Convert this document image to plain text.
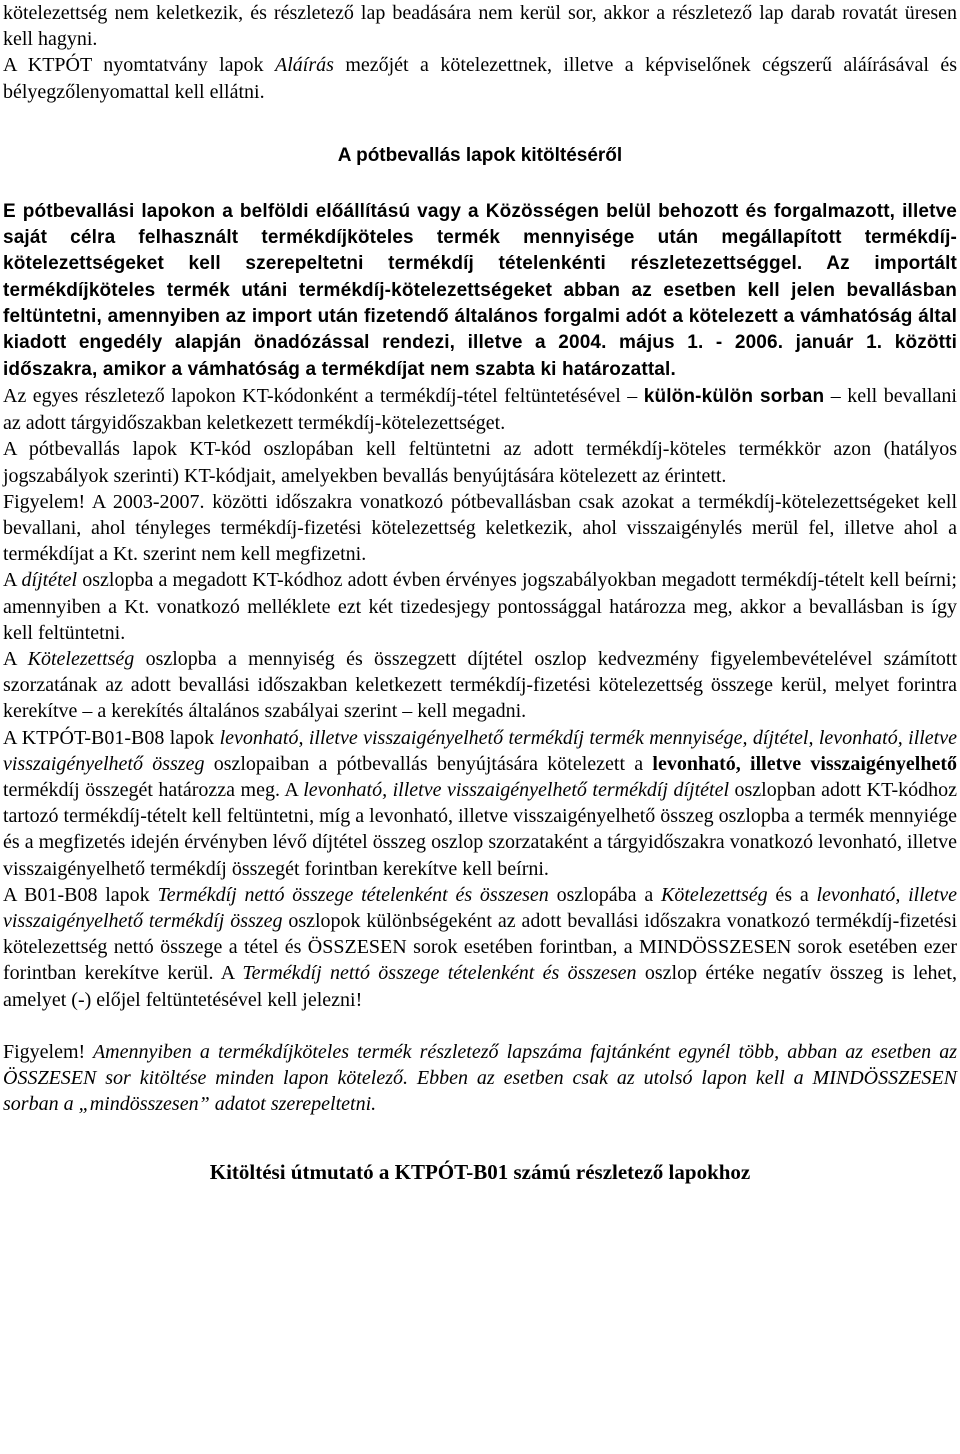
kötelezettség nem keletkezik, és részletező lap beadására nem kerül sor, akkor a részletező lap darab rovatát üresen kell hagyni.

A KTPÓT nyomtatvány lapok Aláírás mezőjét a kötelezettnek, illetve a képviselőnek cégszerű aláírásával és bélyegzőlenyomattal kell ellátni.

A pótbevallás lapok kitöltéséről

E pótbevallási lapokon a belföldi előállítású vagy a Közösségen belül behozott és forgalmazott, illetve saját célra felhasznált termékdíjköteles termék mennyisége után megállapított termékdíj-kötelezettségeket kell szerepeltetni termékdíj tételenkénti részletezettséggel. Az importált termékdíjköteles termék utáni termékdíj-kötelezettségeket abban az esetben kell jelen bevallásban feltüntetni, amennyiben az import után fizetendő általános forgalmi adót a kötelezett a vámhatóság által kiadott engedély alapján önadózással rendezi, illetve a 2004. május 1. - 2006. január 1. közötti időszakra, amikor a vámhatóság a termékdíjat nem szabta ki határozattal.

Az egyes részletező lapokon KT-kódonként a termékdíj-tétel feltüntetésével – külön-külön sorban – kell bevallani az adott tárgyidőszakban keletkezett termékdíj-kötelezettséget.

A pótbevallás lapok KT-kód oszlopában kell feltüntetni az adott termékdíj-köteles termékkör azon (hatályos jogszabályok szerinti) KT-kódjait, amelyekben bevallás benyújtására kötelezett az érintett.

Figyelem! A 2003-2007. közötti időszakra vonatkozó pótbevallásban csak azokat a termékdíj-kötelezettségeket kell bevallani, ahol tényleges termékdíj-fizetési kötelezettség keletkezik, ahol visszaigénylés merül fel, illetve ahol a termékdíjat a Kt. szerint nem kell megfizetni.

A díjtétel oszlopba a megadott KT-kódhoz adott évben érvényes jogszabályokban megadott termékdíj-tételt kell beírni; amennyiben a Kt. vonatkozó melléklete ezt két tizedesjegy pontossággal határozza meg, akkor a bevallásban is így kell feltüntetni.

A Kötelezettség oszlopba a mennyiség és összegzett díjtétel oszlop kedvezmény figyelembevételével számított szorzatának az adott bevallási időszakban keletkezett termékdíj-fizetési kötelezettség összege kerül, melyet forintra kerekítve – a kerekítés általános szabályai szerint – kell megadni.

A KTPÓT-B01-B08 lapok levonható, illetve visszaigényelhető termékdíj termék mennyisége, díjtétel, levonható, illetve visszaigényelhető összeg oszlopaiban a pótbevallás benyújtására kötelezett a levonható, illetve visszaigényelhető termékdíj összegét határozza meg. A levonható, illetve visszaigényelhető termékdíj díjtétel oszlopban adott KT-kódhoz tartozó termékdíj-tételt kell feltüntetni, míg a levonható, illetve visszaigényelhető összeg oszlopba a termék mennyiége és a megfizetés idején érvényben lévő díjtétel összeg oszlop szorzataként a tárgyidőszakra vonatkozó levonható, illetve visszaigényelhető termékdíj összegét forintban kerekítve kell beírni.

A B01-B08 lapok Termékdíj nettó összege tételenként és összesen oszlopába a Kötelezettség és a levonható, illetve visszaigényelhető termékdíj összeg oszlopok különbségeként az adott bevallási időszakra vonatkozó termékdíj-fizetési kötelezettség nettó összege a tétel és ÖSSZESEN sorok esetében forintban, a MINDÖSSZESEN sorok esetében ezer forintban kerekítve kerül. A Termékdíj nettó összege tételenként és összesen oszlop értéke negatív összeg is lehet, amelyet (-) előjel feltüntetésével kell jelezni!

Figyelem! Amennyiben a termékdíjköteles termék részletező lapszáma fajtánként egynél több, abban az esetben az ÖSSZESEN sor kitöltése minden lapon kötelező. Ebben az esetben csak az utolsó lapon kell a MINDÖSSZESEN sorban a „mindösszesen” adatot szerepeltetni.

Kitöltési útmutató a KTPÓT-B01 számú részletező lapokhoz
